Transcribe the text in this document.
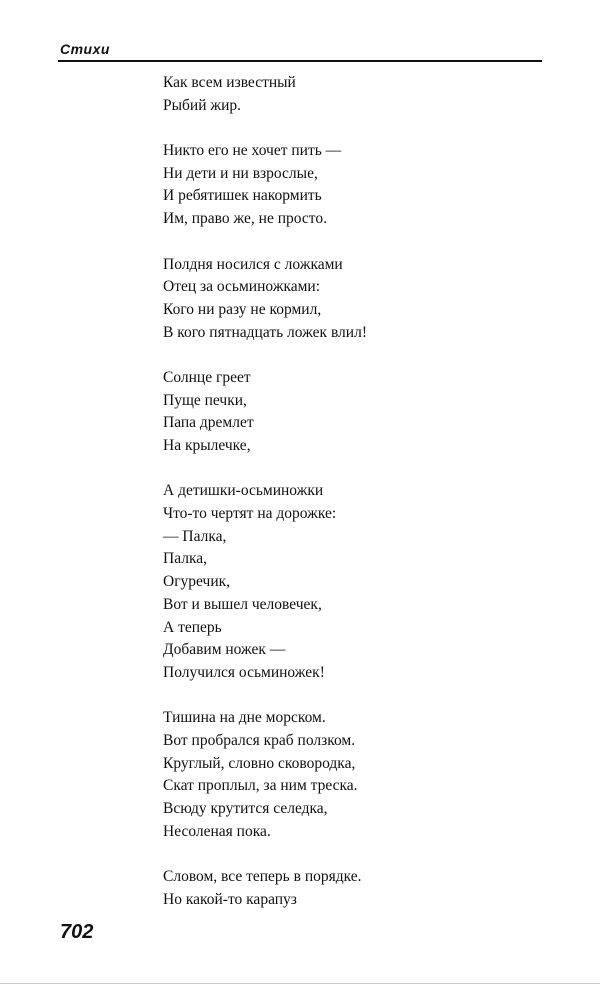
Стихи
Как всем известный
Рыбий жир.
Никто его не хочет пить —
Ни дети и ни взрослые,
И ребятишек накормить
Им, право же, не просто.
Полдня носился с ложками
Отец за осьминожками:
Кого ни разу не кормил,
В кого пятнадцать ложек влил!
Солнце греет
Пуще печки,
Папа дремлет
На крылечке,
А детишки-осьминожки
Что-то чертят на дорожке:
— Палка,
Палка,
Огуречик,
Вот и вышел человечек,
А теперь
Добавим ножек —
Получился осьминожек!
Тишина на дне морском.
Вот пробрался краб ползком.
Круглый, словно сковородка,
Скат проплыл, за ним треска.
Всюду крутится селедка,
Несоленая пока.
Словом, все теперь в порядке.
Но какой-то карапуз
702
